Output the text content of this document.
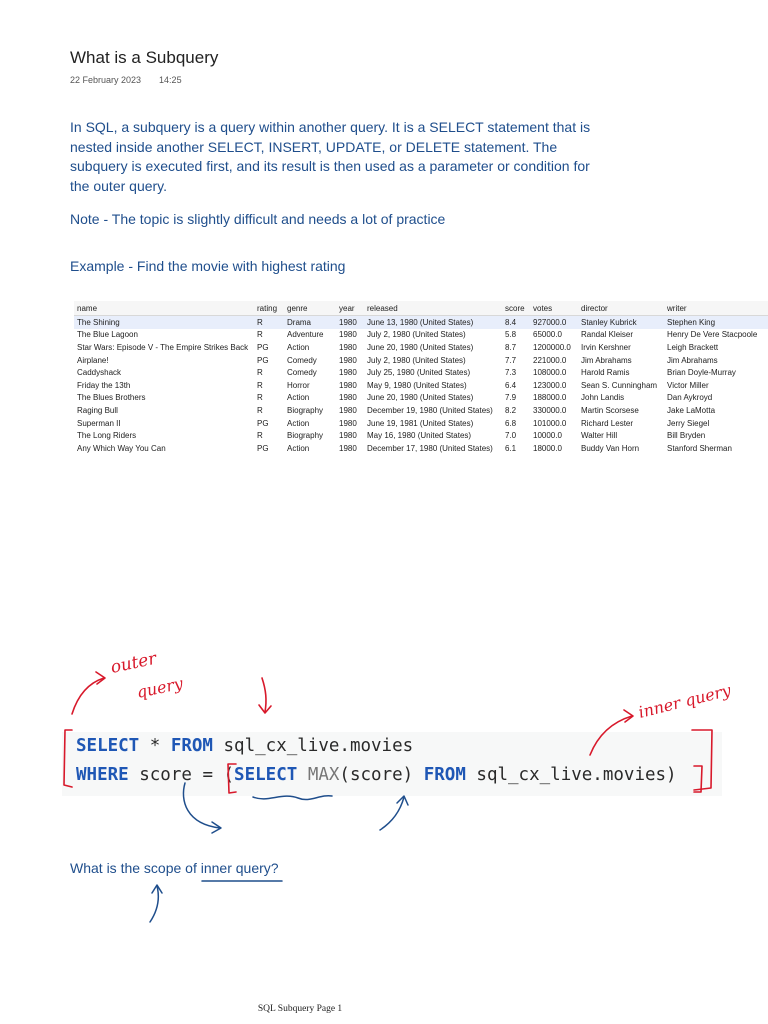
What is a Subquery
22 February 2023 14:25

In SQL, a subquery is a query within another query. It is a SELECT statement that is nested inside another SELECT, INSERT, UPDATE, or DELETE statement. The subquery is executed first, and its result is then used as a parameter or condition for the outer query.

Note - The topic is slightly difficult and needs a lot of practice
Example - Find the movie with highest rating
name	rating	genre	year	released	score	votes	director	writer
The Shining	R	Drama	1980	June 13, 1980 (United States)	8.4	927000.0	Stanley Kubrick	Stephen King
The Blue Lagoon	R	Adventure	1980	July 2, 1980 (United States)	5.8	65000.0	Randal Kleiser	Henry De Vere Stacpoole
Star Wars: Episode V - The Empire Strikes Back	PG	Action	1980	June 20, 1980 (United States)	8.7	1200000.0	Irvin Kershner	Leigh Brackett
Airplane!	PG	Comedy	1980	July 2, 1980 (United States)	7.7	221000.0	Jim Abrahams	Jim Abrahams
Caddyshack	R	Comedy	1980	July 25, 1980 (United States)	7.3	108000.0	Harold Ramis	Brian Doyle-Murray
Friday the 13th	R	Horror	1980	May 9, 1980 (United States)	6.4	123000.0	Sean S. Cunningham	Victor Miller
The Blues Brothers	R	Action	1980	June 20, 1980 (United States)	7.9	188000.0	John Landis	Dan Aykroyd
Raging Bull	R	Biography	1980	December 19, 1980 (United States)	8.2	330000.0	Martin Scorsese	Jake LaMotta
Superman II	PG	Action	1980	June 19, 1981 (United States)	6.8	101000.0	Richard Lester	Jerry Siegel
The Long Riders	R	Biography	1980	May 16, 1980 (United States)	7.0	10000.0	Walter Hill	Bill Bryden
Any Which Way You Can	PG	Action	1980	December 17, 1980 (United States)	6.1	18000.0	Buddy Van Horn	Stanford Sherman
SELECT * FROM sql_cx_live.movies
WHERE score = (SELECT MAX(score) FROM sql_cx_live.movies)
What is the scope of inner query?
SQL Subquery Page 1
outer
query	inner query
